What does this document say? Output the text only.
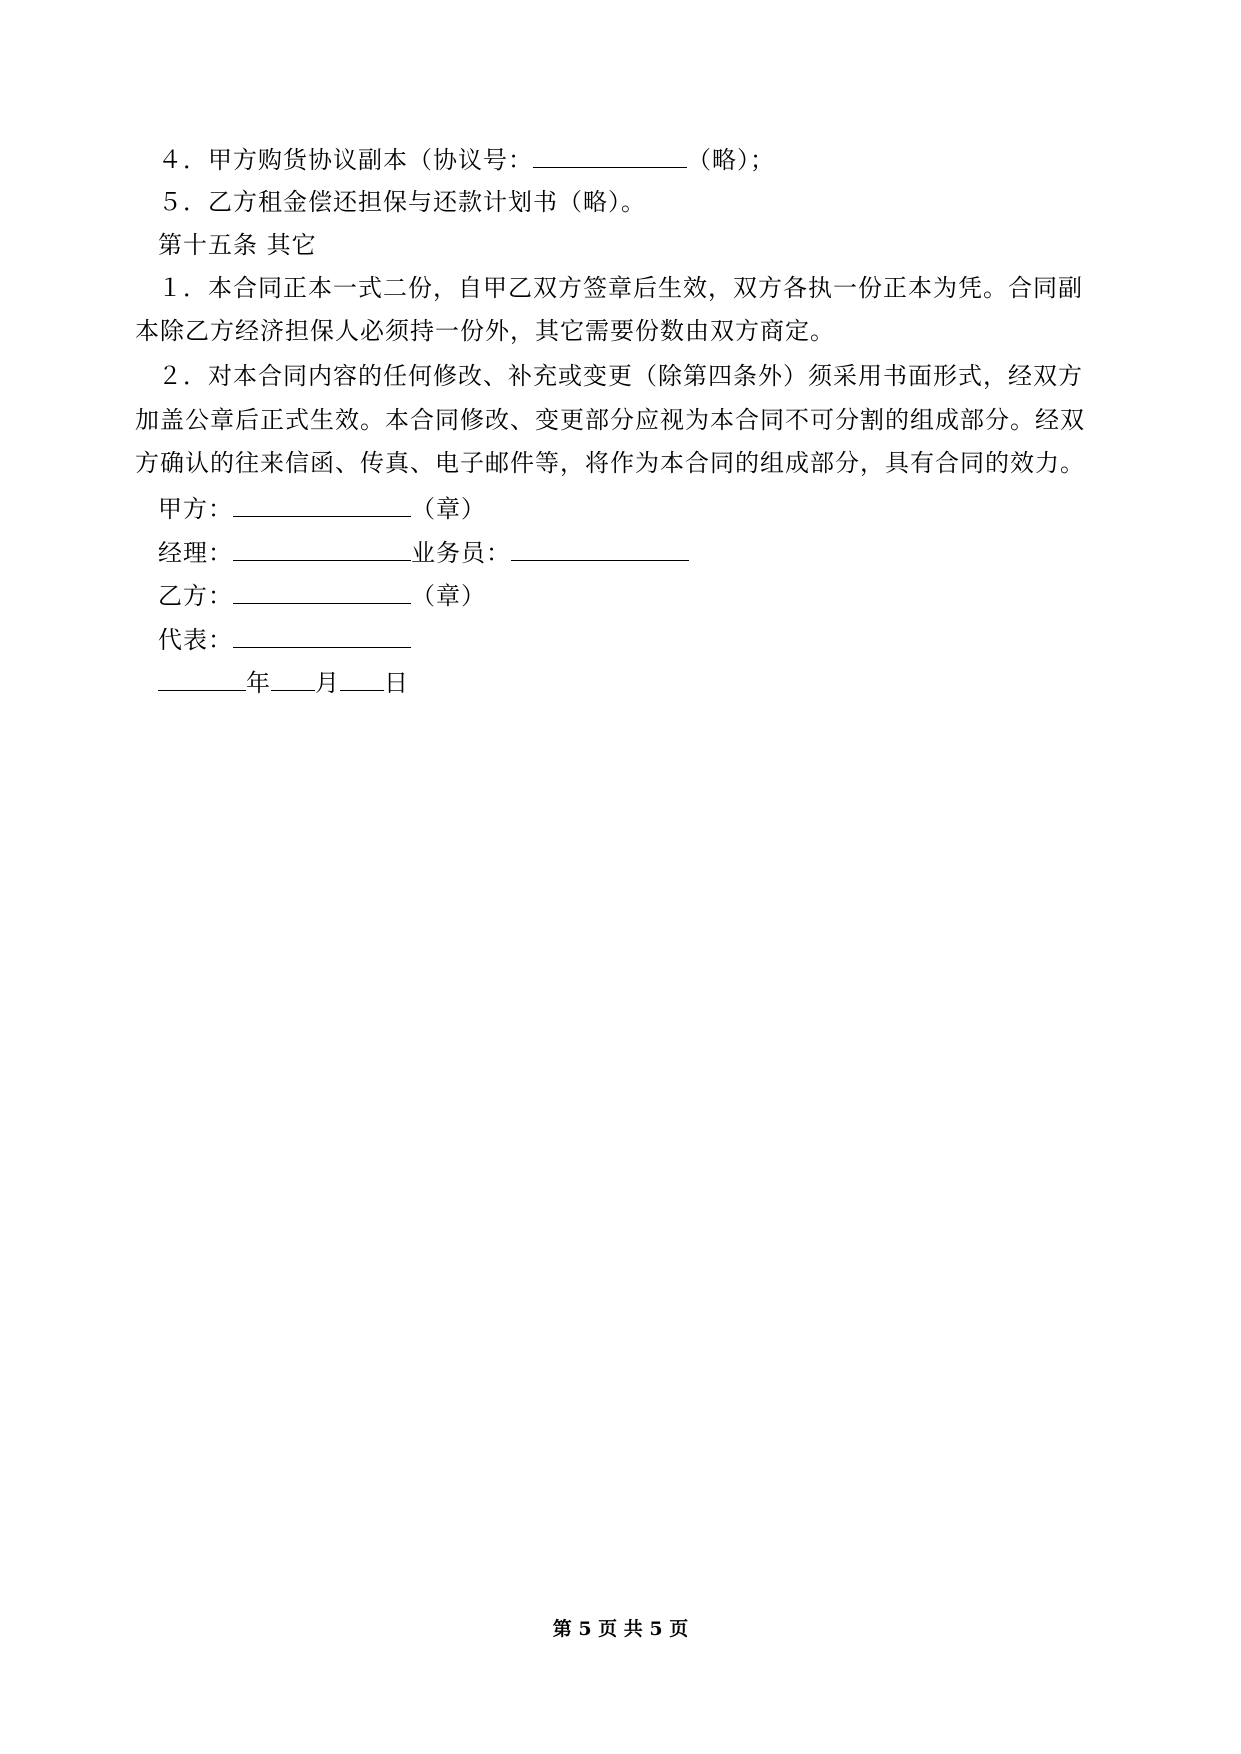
４．甲方购货协议副本（协议号：	（略）；
５．乙方租金偿还担保与还款计划书（略）。
第十五条 其它
１．本合同正本一式二份，自甲乙双方签章后生效，双方各执一份正本为凭。合同副
本除乙方经济担保人必须持一份外，其它需要份数由双方商定。
２．对本合同内容的任何修改、补充或变更（除第四条外）须采用书面形式，经双方
加盖公章后正式生效。本合同修改、变更部分应视为本合同不可分割的组成部分。经双
方确认的往来信函、传真、电子邮件等，将作为本合同的组成部分，具有合同的效力。
甲方：	（章）
经理：	业务员：
乙方：	（章）
代表：
年 月 日
第 5 页 共 5 页
